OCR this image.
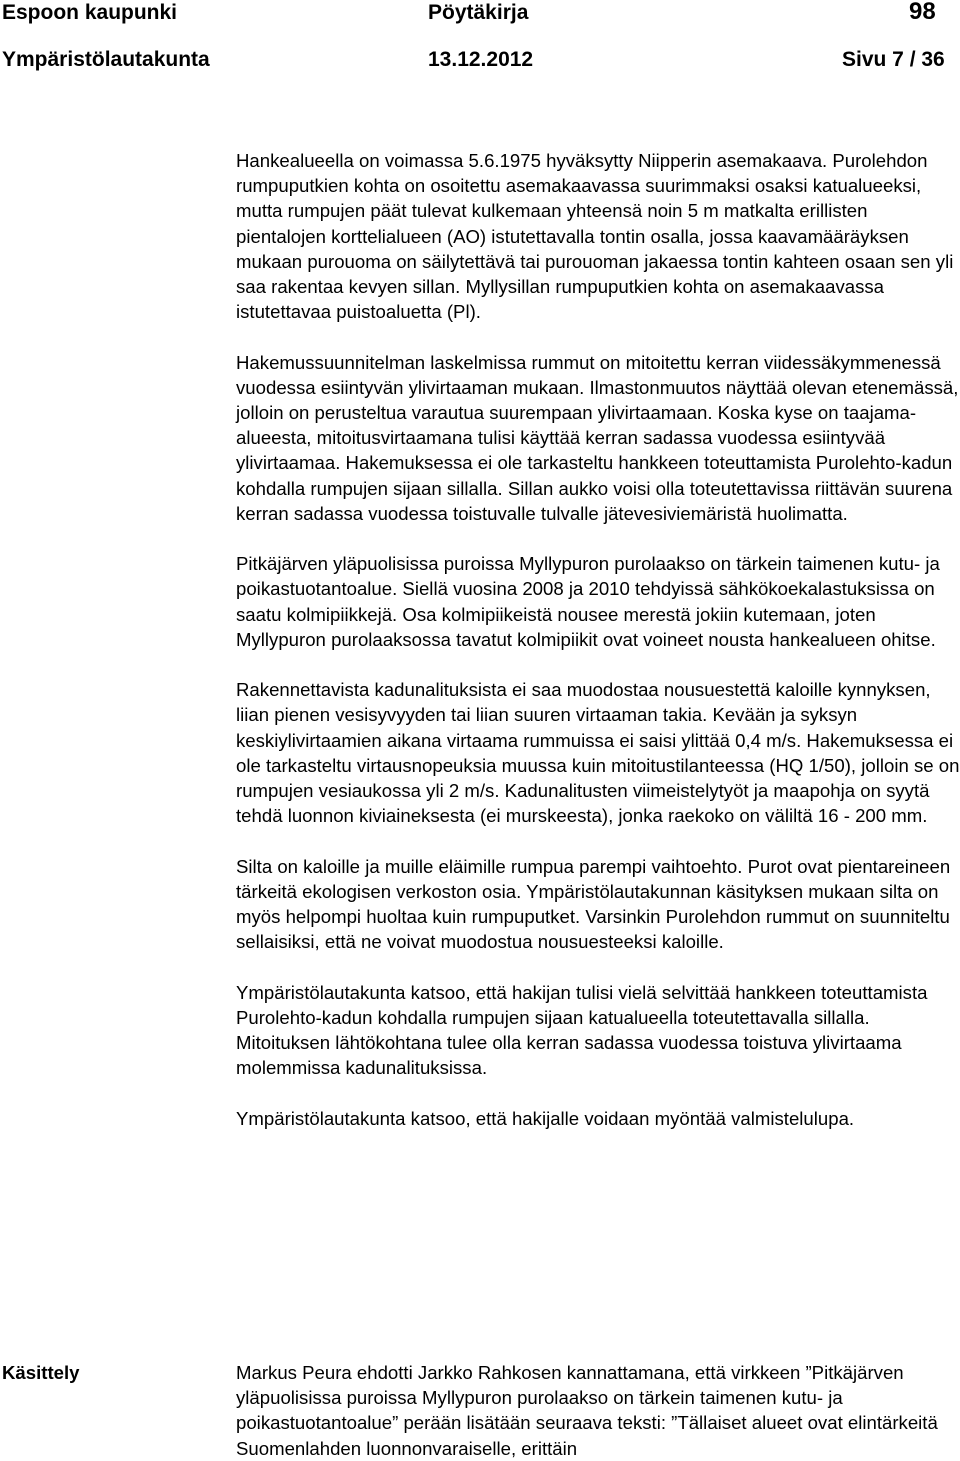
Espoon kaupunki	Pöytäkirja	98
Ympäristölautakunta	13.12.2012	Sivu 7 / 36

Hankealueella on voimassa 5.6.1975 hyväksytty Niipperin asemakaava. Purolehdon rumpuputkien kohta on osoitettu asemakaavassa suurimmaksi osaksi katualueeksi, mutta rumpujen päät tulevat kulkemaan yhteensä noin 5 m matkalta erillisten pientalojen korttelialueen (AO) istutettavalla tontin osalla, jossa kaavamääräyksen mukaan purouoma on säilytettävä tai purouoman jakaessa tontin kahteen osaan sen yli saa rakentaa kevyen sillan. Myllysillan rumpuputkien kohta on asemakaavassa istutettavaa puistoaluetta (Pl).

Hakemussuunnitelman laskelmissa rummut on mitoitettu kerran viidessäkymmenessä vuodessa esiintyvän ylivirtaaman mukaan. Ilmastonmuutos näyttää olevan etenemässä, jolloin on perusteltua varautua suurempaan ylivirtaamaan. Koska kyse on taajama-alueesta, mitoitusvirtaamana tulisi käyttää kerran sadassa vuodessa esiintyvää ylivirtaamaa. Hakemuksessa ei ole tarkasteltu hankkeen toteuttamista Purolehto-kadun kohdalla rumpujen sijaan sillalla. Sillan aukko voisi olla toteutettavissa riittävän suurena kerran sadassa vuodessa toistuvalle tulvalle jätevesiviemäristä huolimatta.

Pitkäjärven yläpuolisissa puroissa Myllypuron purolaakso on tärkein taimenen kutu- ja poikastuotantoalue. Siellä vuosina 2008 ja 2010 tehdyissä sähkökoekalastuksissa on saatu kolmipiikkejä. Osa kolmipiikeistä nousee merestä jokiin kutemaan, joten Myllypuron purolaaksossa tavatut kolmipiikit ovat voineet nousta hankealueen ohitse.

Rakennettavista kadunalituksista ei saa muodostaa nousuestettä kaloille kynnyksen, liian pienen vesisyvyyden tai liian suuren virtaaman takia. Kevään ja syksyn keskiylivirtaamien aikana virtaama rummuissa ei saisi ylittää 0,4 m/s. Hakemuksessa ei ole tarkasteltu virtausnopeuksia muussa kuin mitoitustilanteessa (HQ 1/50), jolloin se on rumpujen vesiaukossa yli 2 m/s. Kadunalitusten viimeistelytyöt ja maapohja on syytä tehdä luonnon kiviaineksesta (ei murskeesta), jonka raekoko on väliltä 16 - 200 mm.

Silta on kaloille ja muille eläimille rumpua parempi vaihtoehto. Purot ovat pientareineen tärkeitä ekologisen verkoston osia. Ympäristölautakunnan käsityksen mukaan silta on myös helpompi huoltaa kuin rumpuputket. Varsinkin Purolehdon rummut on suunniteltu sellaisiksi, että ne voivat muodostua nousuesteeksi kaloille.

Ympäristölautakunta katsoo, että hakijan tulisi vielä selvittää hankkeen toteuttamista Purolehto-kadun kohdalla rumpujen sijaan katualueella toteutettavalla sillalla. Mitoituksen lähtökohtana tulee olla kerran sadassa vuodessa toistuva ylivirtaama molemmissa kadunalituksissa.

Ympäristölautakunta katsoo, että hakijalle voidaan myöntää valmistelulupa.

Käsittely	Markus Peura ehdotti Jarkko Rahkosen kannattamana, että virkkeen ”Pitkäjärven yläpuolisissa puroissa Myllypuron purolaakso on tärkein taimenen kutu- ja poikastuotantoalue” perään lisätään seuraava teksti: ”Tällaiset alueet ovat elintärkeitä Suomenlahden luonnonvaraiselle, erittäin
